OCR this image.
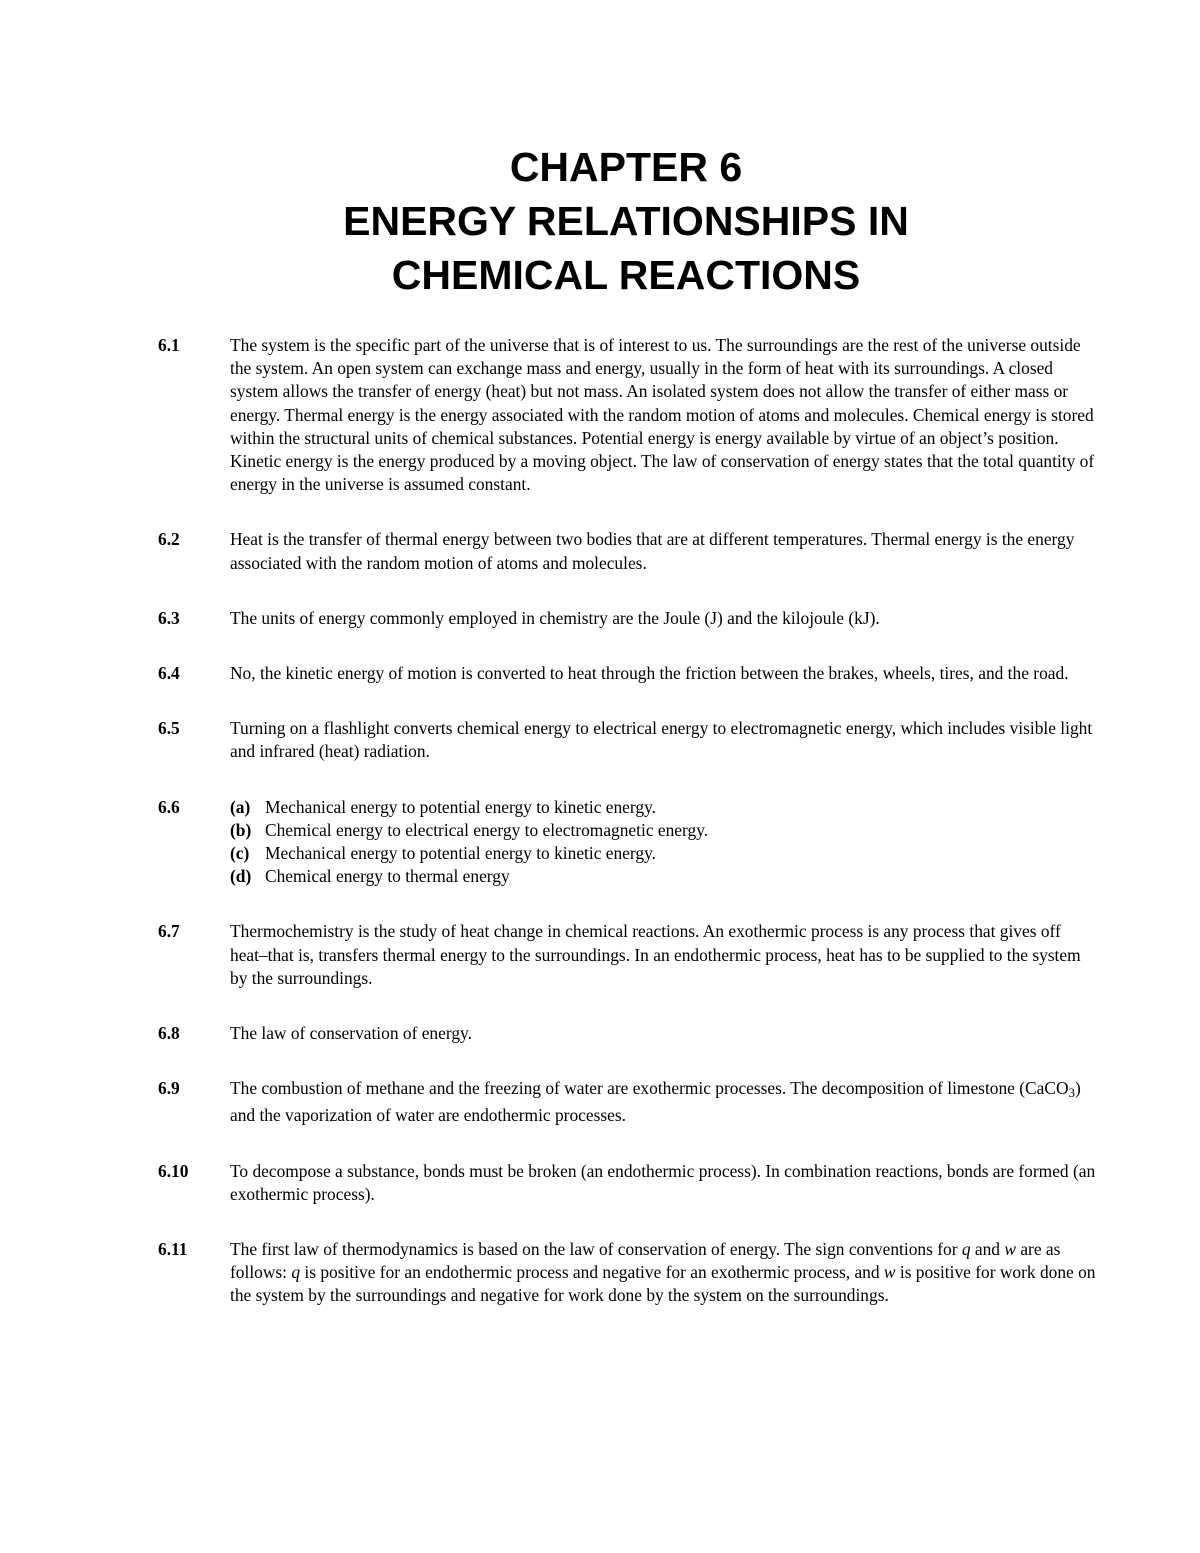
CHAPTER 6
ENERGY RELATIONSHIPS IN
CHEMICAL REACTIONS
6.1	The system is the specific part of the universe that is of interest to us. The surroundings are the rest of the universe outside the system. An open system can exchange mass and energy, usually in the form of heat with its surroundings. A closed system allows the transfer of energy (heat) but not mass. An isolated system does not allow the transfer of either mass or energy. Thermal energy is the energy associated with the random motion of atoms and molecules. Chemical energy is stored within the structural units of chemical substances. Potential energy is energy available by virtue of an object’s position. Kinetic energy is the energy produced by a moving object. The law of conservation of energy states that the total quantity of energy in the universe is assumed constant.
6.2	Heat is the transfer of thermal energy between two bodies that are at different temperatures. Thermal energy is the energy associated with the random motion of atoms and molecules.
6.3	The units of energy commonly employed in chemistry are the Joule (J) and the kilojoule (kJ).
6.4	No, the kinetic energy of motion is converted to heat through the friction between the brakes, wheels, tires, and the road.
6.5	Turning on a flashlight converts chemical energy to electrical energy to electromagnetic energy, which includes visible light and infrared (heat) radiation.
6.6	(a) Mechanical energy to potential energy to kinetic energy.
(b) Chemical energy to electrical energy to electromagnetic energy.
(c) Mechanical energy to potential energy to kinetic energy.
(d) Chemical energy to thermal energy
6.7	Thermochemistry is the study of heat change in chemical reactions. An exothermic process is any process that gives off heat–that is, transfers thermal energy to the surroundings. In an endothermic process, heat has to be supplied to the system by the surroundings.
6.8	The law of conservation of energy.
6.9	The combustion of methane and the freezing of water are exothermic processes. The decomposition of limestone (CaCO$_3$) and the vaporization of water are endothermic processes.
6.10	To decompose a substance, bonds must be broken (an endothermic process). In combination reactions, bonds are formed (an exothermic process).
6.11	The first law of thermodynamics is based on the law of conservation of energy. The sign conventions for q and w are as follows: q is positive for an endothermic process and negative for an exothermic process, and w is positive for work done on the system by the surroundings and negative for work done by the system on the surroundings.
